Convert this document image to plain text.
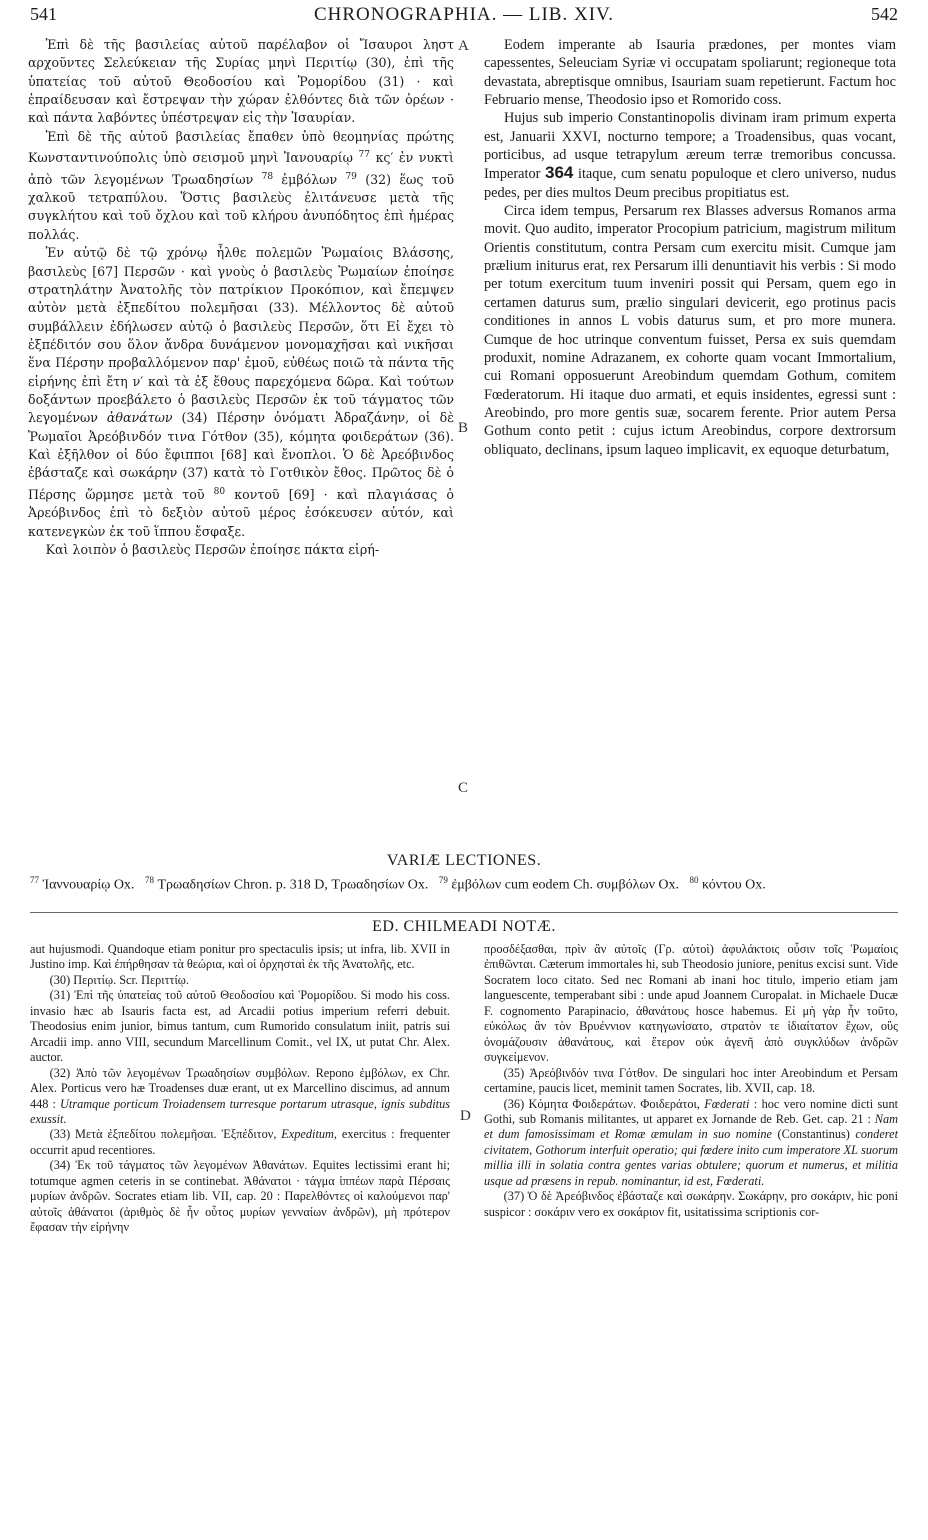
541	CHRONOGRAPHIA. — LIB. XIV.	542

Ἐπὶ δὲ τῆς βασιλείας αὐτοῦ παρέλαβον οἱ Ἴσαυροι ληστ αρχοῦντες Σελεύκειαν τῆς Συρίας μηνὶ Περιτίῳ (30), ἐπὶ τῆς ὑπατείας τοῦ αὐτοῦ Θεοδοσίου καὶ Ῥομορίδου (31) · καὶ ἐπραίδευσαν καὶ ἔστρεψαν τὴν χώραν ἐλθόντες διὰ τῶν ὀρέων · καὶ πάντα λαβόντες ὑπέστρεψαν εἰς τὴν Ἰσαυρίαν.

Ἐπὶ δὲ τῆς αὐτοῦ βασιλείας ἔπαθεν ὑπὸ θεομηνίας πρώτης Κωνσταντινούπολις ὑπὸ σεισμοῦ μηνὶ Ἰανουαρίῳ $^{77}$ κς′ ἐν νυκτὶ ἀπὸ τῶν λεγομένων Τρωαδησίων $^{78}$ ἐμβόλων $^{79}$ (32) ἕως τοῦ χαλκοῦ τετραπύλου. Ὅστις βασιλεὺς ἐλιτάνευσε μετὰ τῆς συγκλήτου καὶ τοῦ ὄχλου καὶ τοῦ κλήρου ἀνυπόδητος ἐπὶ ἡμέρας πολλάς.

Ἐν αὐτῷ δὲ τῷ χρόνῳ ἦλθε πολεμῶν Ῥωμαίοις Βλάσσης, βασιλεὺς [67] Περσῶν · καὶ γνοὺς ὁ βασιλεὺς Ῥωμαίων ἐποίησε στρατηλάτην Ἀνατολῆς τὸν πατρίκιον Προκόπιον, καὶ ἔπεμψεν αὐτὸν μετὰ ἐξπεδίτου πολεμῆσαι (33). Μέλλοντος δὲ αὐτοῦ συμβάλλειν ἐδήλωσεν αὐτῷ ὁ βασιλεὺς Περσῶν, ὅτι Εἰ ἔχει τὸ ἐξπέδιτόν σου ὅλον ἄνδρα δυνάμενον μονομαχῆσαι καὶ νικῆσαι ἕνα Πέρσην προβαλλόμενον παρ' ἐμοῦ, εὐθέως ποιῶ τὰ πάντα τῆς εἰρήνης ἐπὶ ἔτη ν′ καὶ τὰ ἐξ ἔθους παρεχόμενα δῶρα. Καὶ τούτων δοξάντων προεβάλετο ὁ βασιλεὺς Περσῶν ἐκ τοῦ τάγματος τῶν λεγομένων ἀθανάτων (34) Πέρσην ὀνόματι Ἀδραζάνην, οἱ δὲ Ῥωμαῖοι Ἀρεόβινδόν τινα Γότθον (35), κόμητα φοιδεράτων (36). Καὶ ἐξῆλθον οἱ δύο ἔφιπποι [68] καὶ ἔνοπλοι. Ὁ δὲ Ἀρεόβινδος ἐβάσταζε καὶ σωκάρην (37) κατὰ τὸ Γοτθικὸν ἔθος. Πρῶτος δὲ ὁ Πέρσης ὥρμησε μετὰ τοῦ $^{80}$ κοντοῦ [69] · καὶ πλαγιάσας ὁ Ἀρεόβινδος ἐπὶ τὸ δεξιὸν αὐτοῦ μέρος ἐσόκευσεν αὐτόν, καὶ κατενεγκὼν ἐκ τοῦ ἵππου ἔσφαξε.

Καὶ λοιπὸν ὁ βασιλεὺς Περσῶν ἐποίησε πάκτα εἰρή-

A
B
C
D

Eodem imperante ab Isauria prædones, per montes viam capessentes, Seleuciam Syriæ vi occupatam spoliarunt; regioneque tota devastata, abreptisque omnibus, Isauriam suam repetierunt. Factum hoc Februario mense, Theodosio ipso et Romorido coss.

Hujus sub imperio Constantinopolis divinam iram primum experta est, Januarii XXVI, nocturno tempore; a Troadensibus, quas vocant, porticibus, ad usque tetrapylum æreum terræ tremoribus concussa. Imperator 364 itaque, cum senatu populoque et clero universo, nudus pedes, per dies multos Deum precibus propitiatus est.

Circa idem tempus, Persarum rex Blasses adversus Romanos arma movit. Quo audito, imperator Procopium patricium, magistrum militum Orientis constitutum, contra Persam cum exercitu misit. Cumque jam prælium initurus erat, rex Persarum illi denuntiavit his verbis : Si modo per totum exercitum tuum inveniri possit qui Persam, quem ego in certamen daturus sum, prælio singulari devicerit, ego protinus pacis conditiones in annos L vobis daturus sum, et pro more munera. Cumque de hoc utrinque conventum fuisset, Persa ex suis quemdam produxit, nomine Adrazanem, ex cohorte quam vocant Immortalium, cui Romani opposuerunt Areobindum quemdam Gothum, comitem Fœderatorum. Hi itaque duo armati, et equis insidentes, egressi sunt : Areobindo, pro more gentis suæ, socarem ferente. Prior autem Persa Gothum conto petit : cujus ictum Areobindus, corpore dextrorsum obliquato, declinans, ipsum laqueo implicavit, ex equoque deturbatum,

VARIÆ LECTIONES.
$^{77}$ Ἰαννουαρίῳ Ox. $^{78}$ Τρωαδησίων Chron. p. 318 D, Τρωαδησίων Ox. $^{79}$ ἐμβόλων cum eodem Ch. συμβόλων Ox. $^{80}$ κόντου Ox.
ED. CHILMEADI NOTÆ.

aut hujusmodi. Quandoque etiam ponitur pro spectaculis ipsis; ut infra, lib. XVII in Justino imp. Καὶ ἐπήρθησαν τὰ θεώρια, καὶ οἱ ὀρχησταὶ ἐκ τῆς Ἀνατολῆς, etc.

(30) Περιτίῳ. Scr. Περιττίῳ.

(31) Ἐπὶ τῆς ὑπατείας τοῦ αὐτοῦ Θεοδοσίου καὶ Ῥομορίδου. Si modo his coss. invasio hæc ab Isauris facta est, ad Arcadii potius imperium referri debuit. Theodosius enim junior, bimus tantum, cum Rumorido consulatum iniit, patris sui Arcadii imp. anno VIII, secundum Marcellinum Comit., vel IX, ut putat Chr. Alex. auctor.

(32) Ἀπὸ τῶν λεγομένων Τρωαδησίων συμβόλων. Repono ἐμβόλων, ex Chr. Alex. Porticus vero hæ Troadenses duæ erant, ut ex Marcellino discimus, ad annum 448 : Utramque porticum Troiadensem turresque portarum utrasque, ignis subditus exussit.

(33) Μετὰ ἐξπεδίτου πολεμῆσαι. Ἐξπέδιτον, Expeditum, exercitus : frequenter occurrit apud recentiores.

(34) Ἐκ τοῦ τάγματος τῶν λεγομένων Ἀθανάτων. Equites lectissimi erant hi; totumque agmen ceteris in se continebat. Ἀθάνατοι · τάγμα ἱππέων παρὰ Πέρσαις μυρίων ἀνδρῶν. Socrates etiam lib. VII, cap. 20 : Παρελθόντες οἱ καλούμενοι παρ' αὐτοῖς ἀθάνατοι (ἀριθμὸς δὲ ἦν οὗτος μυρίων γενναίων ἀνδρῶν), μὴ πρότερον ἔφασαν τὴν εἰρήνην

προσδέξασθαι, πρὶν ἂν αὐτοῖς (Γρ. αὐτοὶ) ἀφυλάκτοις οὖσιν τοῖς Ῥωμαίοις ἐπιθῶνται. Cæterum immortales hi, sub Theodosio juniore, penitus excisi sunt. Vide Socratem loco citato. Sed nec Romani ab inani hoc titulo, imperio etiam jam languescente, temperabant sibi : unde apud Joannem Curopalat. in Michaele Ducæ F. cognomento Parapinacio, ἀθανάτους hosce habemus. Εἰ μὴ γὰρ ἦν τοῦτο, εὐκόλως ἂν τὸν Βρυέννιον κατηγωνίσατο, στρατὸν τε ἰδιαίτατον ἔχων, οὓς ὀνομάζουσιν ἀθανάτους, καὶ ἕτερον οὐκ ἀγενῆ ἀπὸ συγκλύδων ἀνδρῶν συγκείμενον.

(35) Ἀρεόβινδόν τινα Γότθον. De singulari hoc inter Areobindum et Persam certamine, paucis licet, meminit tamen Socrates, lib. XVII, cap. 18.

(36) Κόμητα Φοιδεράτων. Φοιδεράτοι, Fœderati : hoc vero nomine dicti sunt Gothi, sub Romanis militantes, ut apparet ex Jornande de Reb. Get. cap. 21 : Nam et dum famosissimam et Romæ æmulam in suo nomine (Constantinus) conderet civitatem, Gothorum interfuit operatio; qui fœdere inito cum imperatore XL suorum millia illi in solatia contra gentes varias obtulere; quorum et numerus, et militia usque ad præsens in repub. nominantur, id est, Fœderati.

(37) Ὁ δὲ Ἀρεόβινδος ἐβάσταζε καὶ σωκάρην. Σωκάρην, pro σοκάριν, hic poni suspicor : σοκάριν vero ex σοκάριον fit, usitatissima scriptionis cor-
